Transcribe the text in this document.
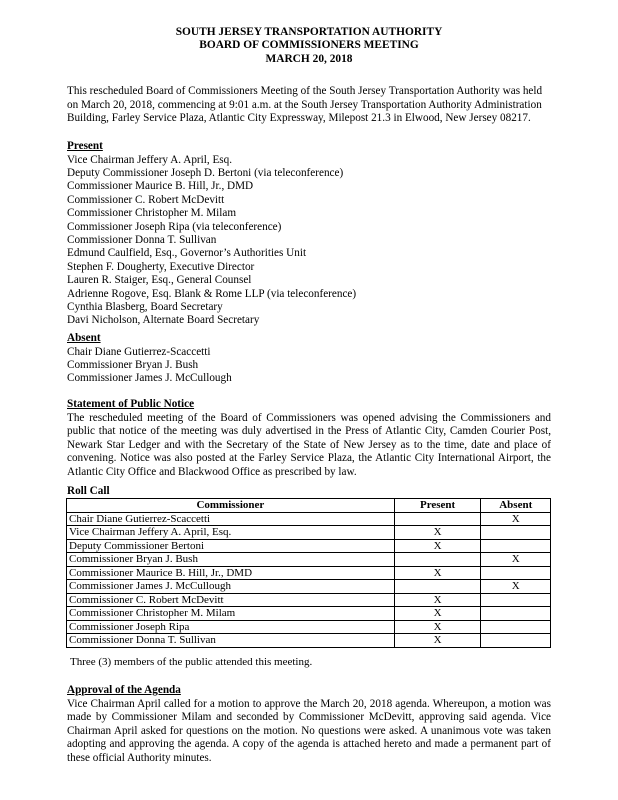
SOUTH JERSEY TRANSPORTATION AUTHORITY
BOARD OF COMMISSIONERS MEETING
MARCH 20, 2018

This rescheduled Board of Commissioners Meeting of the South Jersey Transportation Authority was held on March 20, 2018, commencing at 9:01 a.m. at the South Jersey Transportation Authority Administration Building, Farley Service Plaza, Atlantic City Expressway, Milepost 21.3 in Elwood, New Jersey 08217.

Present
Vice Chairman Jeffery A. April, Esq.
Deputy Commissioner Joseph D. Bertoni (via teleconference)
Commissioner Maurice B. Hill, Jr., DMD
Commissioner C. Robert McDevitt
Commissioner Christopher M. Milam
Commissioner Joseph Ripa (via teleconference)
Commissioner Donna T. Sullivan
Edmund Caulfield, Esq., Governor’s Authorities Unit
Stephen F. Dougherty, Executive Director
Lauren R. Staiger, Esq., General Counsel
Adrienne Rogove, Esq. Blank & Rome LLP (via teleconference)
Cynthia Blasberg, Board Secretary
Davi Nicholson, Alternate Board Secretary
Absent
Chair Diane Gutierrez-Scaccetti
Commissioner Bryan J. Bush
Commissioner James J. McCullough
Statement of Public Notice

The rescheduled meeting of the Board of Commissioners was opened advising the Commissioners and public that notice of the meeting was duly advertised in the Press of Atlantic City, Camden Courier Post, Newark Star Ledger and with the Secretary of the State of New Jersey as to the time, date and place of convening. Notice was also posted at the Farley Service Plaza, the Atlantic City International Airport, the Atlantic City Office and Blackwood Office as prescribed by law.

Roll Call
Commissioner	Present	Absent
Chair Diane Gutierrez-Scaccetti		X
Vice Chairman Jeffery A. April, Esq.	X	
Deputy Commissioner Bertoni	X	
Commissioner Bryan J. Bush		X
Commissioner Maurice B. Hill, Jr., DMD	X	
Commissioner James J. McCullough		X
Commissioner C. Robert McDevitt	X	
Commissioner Christopher M. Milam	X	
Commissioner Joseph Ripa	X	
Commissioner Donna T. Sullivan	X	
Three (3) members of the public attended this meeting.
Approval of the Agenda

Vice Chairman April called for a motion to approve the March 20, 2018 agenda. Whereupon, a motion was made by Commissioner Milam and seconded by Commissioner McDevitt, approving said agenda. Vice Chairman April asked for questions on the motion. No questions were asked. A unanimous vote was taken adopting and approving the agenda. A copy of the agenda is attached hereto and made a permanent part of these official Authority minutes.
